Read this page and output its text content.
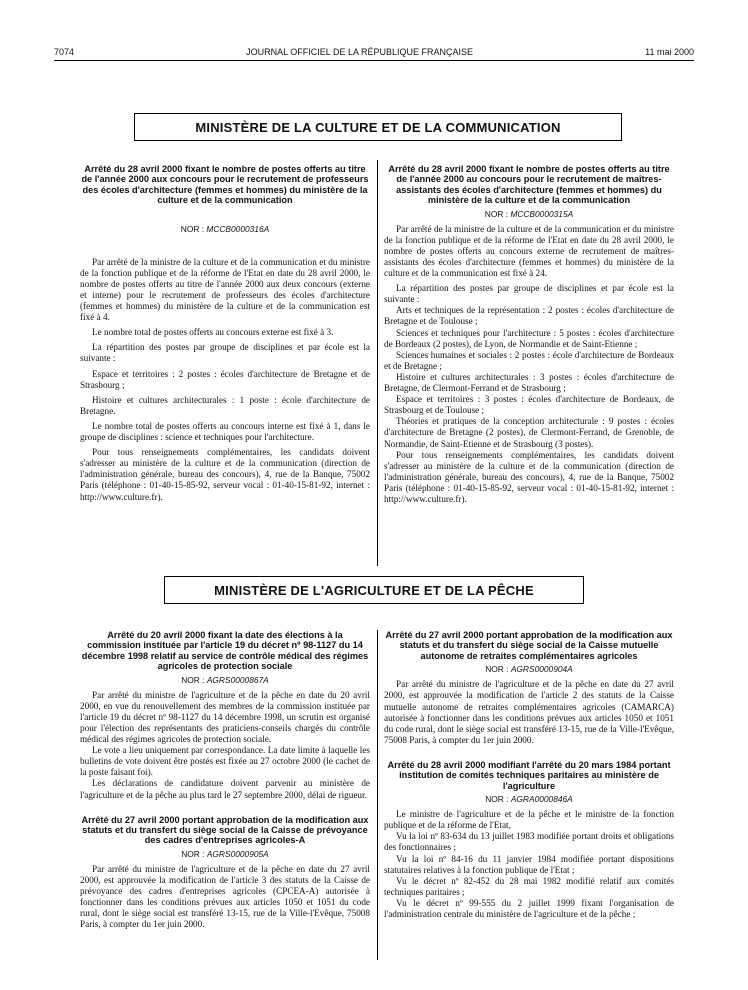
7074	JOURNAL OFFICIEL DE LA RÉPUBLIQUE FRANÇAISE	11 mai 2000
MINISTÈRE DE LA CULTURE ET DE LA COMMUNICATION

Arrêté du 28 avril 2000 fixant le nombre de postes offerts au titre de l'année 2000 aux concours pour le recrutement de professeurs des écoles d'architecture (femmes et hommes) du ministère de la culture et de la communication

NOR : MCCB0000316A

Par arrêté de la ministre de la culture et de la communication et du ministre de la fonction publique et de la réforme de l'Etat en date du 28 avril 2000, le nombre de postes offerts au titre de l'année 2000 aux deux concours (externe et interne) pour le recrutement de professeurs des écoles d'architecture (femmes et hommes) du ministère de la culture et de la communication est fixé à 4.

Le nombre total de postes offerts au concours externe est fixé à 3.

La répartition des postes par groupe de disciplines et par école est la suivante :

Espace et territoires : 2 postes : écoles d'architecture de Bretagne et de Strasbourg ;

Histoire et cultures architecturales : 1 poste : école d'architecture de Bretagne.

Le nombre total de postes offerts au concours interne est fixé à 1, dans le groupe de disciplines : science et techniques pour l'architecture.

Pour tous renseignements complémentaires, les candidats doivent s'adresser au ministère de la culture et de la communication (direction de l'administration générale, bureau des concours), 4, rue de la Banque, 75002 Paris (téléphone : 01-40-15-85-92, serveur vocal : 01-40-15-81-92, internet : http://www.culture.fr).

Arrêté du 28 avril 2000 fixant le nombre de postes offerts au titre de l'année 2000 au concours pour le recrutement de maîtres-assistants des écoles d'architecture (femmes et hommes) du ministère de la culture et de la communication

NOR : MCCB0000315A

Par arrêté de la ministre de la culture et de la communication et du ministre de la fonction publique et de la réforme de l'Etat en date du 28 avril 2000, le nombre de postes offerts au concours externe de recrutement de maîtres-assistants des écoles d'architecture (femmes et hommes) du ministère de la culture et de la communication est fixé à 24.

La répartition des postes par groupe de disciplines et par école est la suivante :

Arts et techniques de la représentation : 2 postes : écoles d'architecture de Bretagne et de Toulouse ;

Sciences et techniques pour l'architecture : 5 postes : écoles d'architecture de Bordeaux (2 postes), de Lyon, de Normandie et de Saint-Etienne ;

Sciences humaines et sociales : 2 postes : école d'architecture de Bordeaux et de Bretagne ;

Histoire et cultures architecturales : 3 postes : écoles d'architecture de Bretagne, de Clermont-Ferrand et de Strasbourg ;

Espace et territoires : 3 postes : écoles d'architecture de Bordeaux, de Strasbourg et de Toulouse ;

Théories et pratiques de la conception architecturale : 9 postes : écoles d'architecture de Bretagne (2 postes), de Clermont-Ferrand, de Grenoble, de Normandie, de Saint-Etienne et de Strasbourg (3 postes).

Pour tous renseignements complémentaires, les candidats doivent s'adresser au ministère de la culture et de la communication (direction de l'administration générale, bureau des concours), 4, rue de la Banque, 75002 Paris (téléphone : 01-40-15-85-92, serveur vocal : 01-40-15-81-92, internet : http://www.culture.fr).

MINISTÈRE DE L'AGRICULTURE ET DE LA PÊCHE

Arrêté du 20 avril 2000 fixant la date des élections à la commission instituée par l'article 19 du décret nº 98-1127 du 14 décembre 1998 relatif au service de contrôle médical des régimes agricoles de protection sociale

NOR : AGRS0000867A

Par arrêté du ministre de l'agriculture et de la pêche en date du 20 avril 2000, en vue du renouvellement des membres de la commission instituée par l'article 19 du décret nº 98-1127 du 14 décembre 1998, un scrutin est organisé pour l'élection des représentants des praticiens-conseils chargés du contrôle médical des régimes agricoles de protection sociale.

Le vote a lieu uniquement par correspondance. La date limite à laquelle les bulletins de vote doivent être postés est fixée au 27 octobre 2000 (le cachet de la poste faisant foi).

Les déclarations de candidature doivent parvenir au ministère de l'agriculture et de la pêche au plus tard le 27 septembre 2000, délai de rigueur.

Arrêté du 27 avril 2000 portant approbation de la modification aux statuts et du transfert du siège social de la Caisse de prévoyance des cadres d'entreprises agricoles-A

NOR : AGRS0000905A

Par arrêté du ministre de l'agriculture et de la pêche en date du 27 avril 2000, est approuvée la modification de l'article 3 des statuts de la Caisse de prévoyance des cadres d'entreprises agricoles (CPCEA-A) autorisée à fonctionner dans les conditions prévues aux articles 1050 et 1051 du code rural, dont le siège social est transféré 13-15, rue de la Ville-l'Evêque, 75008 Paris, à compter du 1er juin 2000.

Arrêté du 27 avril 2000 portant approbation de la modification aux statuts et du transfert du siège social de la Caisse mutuelle autonome de retraites complémentaires agricoles

NOR : AGRS0000904A

Par arrêté du ministre de l'agriculture et de la pêche en date du 27 avril 2000, est approuvée la modification de l'article 2 des statuts de la Caisse mutuelle autonome de retraites complémentaires agricoles (CAMARCA) autorisée à fonctionner dans les conditions prévues aux articles 1050 et 1051 du code rural, dont le siège social est transféré 13-15, rue de la Ville-l'Evêque, 75008 Paris, à compter du 1er juin 2000.

Arrêté du 28 avril 2000 modifiant l'arrêté du 20 mars 1984 portant institution de comités techniques paritaires au ministère de l'agriculture

NOR : AGRA0000846A

Le ministre de l'agriculture et de la pêche et le ministre de la fonction publique et de la réforme de l'Etat,

Vu la loi nº 83-634 du 13 juillet 1983 modifiée portant droits et obligations des fonctionnaires ;

Vu la loi nº 84-16 du 11 janvier 1984 modifiée portant dispositions statutaires relatives à la fonction publique de l'Etat ;

Vu le décret nº 82-452 du 28 mai 1982 modifié relatif aux comités techniques paritaires ;

Vu le décret nº 99-555 du 2 juillet 1999 fixant l'organisation de l'administration centrale du ministère de l'agriculture et de la pêche ;
